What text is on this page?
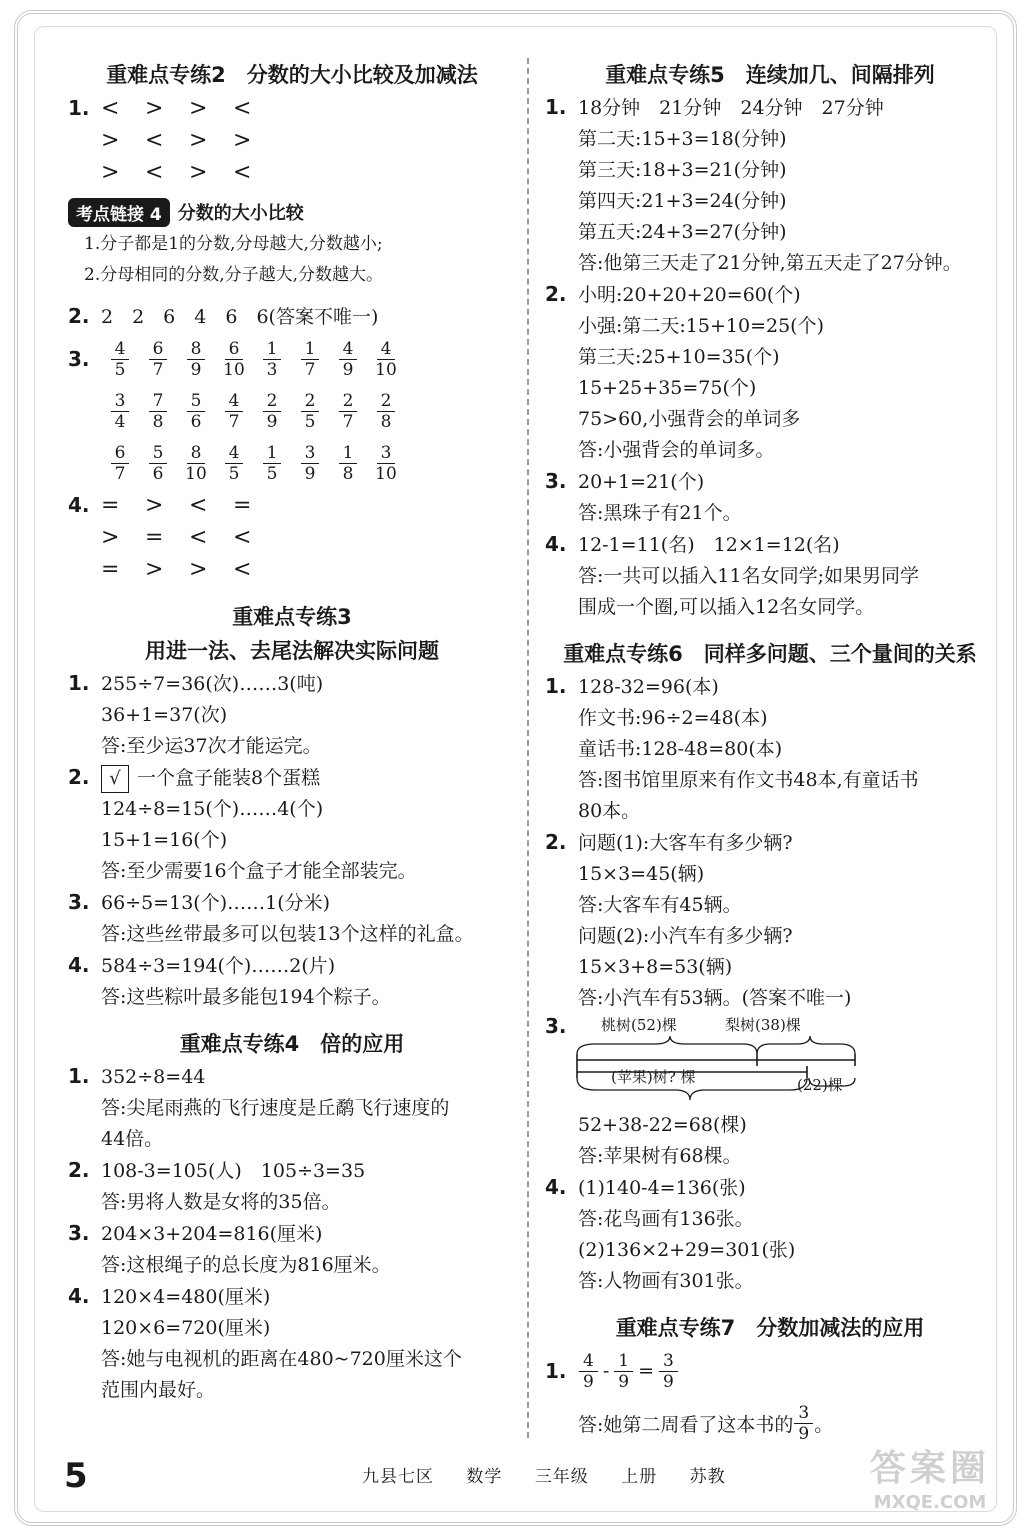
重难点专练2　分数的大小比较及加减法
1. < > > <
> < > >
> < > <
考点链接 4 分数的大小比较
1.分子都是1的分数,分母越大,分数越小;
2.分母相同的分数,分子越大,分数越大。
2. 2　2　6　4　6　6(答案不唯一)
3. $\frac{4}{5} \frac{6}{7} \frac{8}{9} \frac{6}{10} \frac{1}{3} \frac{1}{7} \frac{4}{9} \frac{4}{10}$
$\frac{3}{4} \frac{7}{8} \frac{5}{6} \frac{4}{7} \frac{2}{9} \frac{2}{5} \frac{2}{7} \frac{2}{8}$
$\frac{6}{7} \frac{5}{6} \frac{8}{10} \frac{4}{5} \frac{1}{5} \frac{3}{9} \frac{1}{8} \frac{3}{10}$
4. = > < =
> = < <
= > > <
重难点专练3
用进一法、去尾法解决实际问题
1. 255÷7=36(次)……3(吨)
36+1=37(次)
答:至少运37次才能运完。
2. √ 一个盒子能装8个蛋糕
124÷8=15(个)……4(个)
15+1=16(个)
答:至少需要16个盒子才能全部装完。
3. 66÷5=13(个)……1(分米)
答:这些丝带最多可以包装13个这样的礼盒。
4. 584÷3=194(个)……2(片)
答:这些粽叶最多能包194个粽子。
重难点专练4　倍的应用
1. 352÷8=44
答:尖尾雨燕的飞行速度是丘鹬飞行速度的
44倍。
2. 108-3=105(人)　105÷3=35
答:男将人数是女将的35倍。
3. 204×3+204=816(厘米)
答:这根绳子的总长度为816厘米。
4. 120×4=480(厘米)
120×6=720(厘米)
答:她与电视机的距离在480~720厘米这个
范围内最好。
重难点专练5　连续加几、间隔排列
1. 18分钟　21分钟　24分钟　27分钟
第二天:15+3=18(分钟)
第三天:18+3=21(分钟)
第四天:21+3=24(分钟)
第五天:24+3=27(分钟)
答:他第三天走了21分钟,第五天走了27分钟。
2. 小明:20+20+20=60(个)
小强:第二天:15+10=25(个)
第三天:25+10=35(个)
15+25+35=75(个)
75>60,小强背会的单词多
答:小强背会的单词多。
3. 20+1=21(个)
答:黑珠子有21个。
4. 12-1=11(名)　12×1=12(名)
答:一共可以插入11名女同学;如果男同学
围成一个圈,可以插入12名女同学。
重难点专练6　同样多问题、三个量间的关系
1. 128-32=96(本)
作文书:96÷2=48(本)
童话书:128-48=80(本)
答:图书馆里原来有作文书48本,有童话书
80本。
2. 问题(1):大客车有多少辆?
15×3=45(辆)
答:大客车有45辆。
问题(2):小汽车有多少辆?
15×3+8=53(辆)
答:小汽车有53辆。(答案不唯一)
3.	桃树(52)棵	梨树(38)棵
(苹果)树? 棵	(22)棵
52+38-22=68(棵)
答:苹果树有68棵。
4. (1)140-4=136(张)
答:花鸟画有136张。
(2)136×2+29=301(张)
答:人物画有301张。
重难点专练7　分数加减法的应用
1. $\frac{4}{9} - \frac{1}{9} = \frac{3}{9}$
答:她第二周看了这本书的 $\frac{3}{9}$ 。
5	九县七区 数学 三年级 上册 苏教	答案圈
MXQE.COM
